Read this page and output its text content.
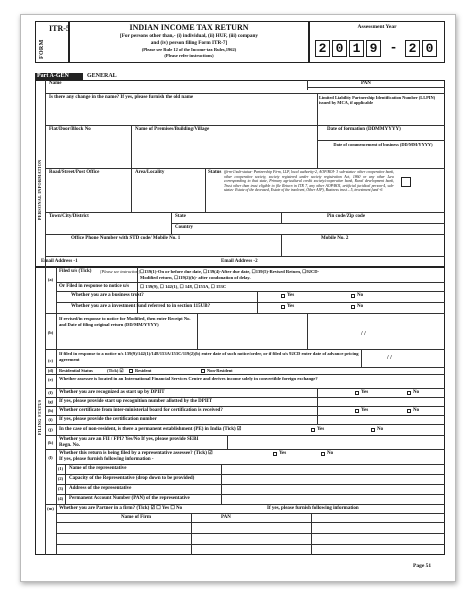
FORM
ITR-5	INDIAN INCOME TAX RETURN
[For persons other than,- (i) individual, (ii) HUF, (iii) company
and (iv) person filing Form ITR-7]
(Please see Rule 12 of the Income-tax Rules,1962)
(Please refer instructions)
Assessment Year
2 0 1 9 - 2 0
Part A-GEN	GENERAL
PERSONAL INFORMATION
Name	PAN
Is there any change in the name? If yes, please furnish the old name	Limited Liability Partnership Identification Number (LLPIN) issued by MCA, if applicable
Flat/Door/Block No	Name of Premises/Building/Village	Date of formation (DDMMYYYY)
Date of commencement of business (DD/MM/YYYY)
Road/Street/Post Office	Area/Locality	Status (firm-1/sub-status- Partnership Firm, LLP, local authority-2, AOP/BOI- 3 sub-status- other cooperative bank, other cooperative society, society registered under society registration Act, 1860 or any other Law corresponding to that state, Primary agricultural credit society/cooperative bank, Rural development bank, Trust other than trust eligible to file Return in ITR 7, any other AOP/BOI, artificial juridical person-4, sub-status- Estate of the deceased, Estate of the insolvent, Other AJP), Business trust – 5, investment fund -6
Town/City/District	State	Pin code/Zip code
Country
Office Phone Number with STD code/ Mobile No. 1	Mobile No. 2
Email Address -1	Email Address -2
FILING STATUS
(a)
Filed u/s (Tick) [Please see instruction] ☐139(1)-On or before due date, ☐139(4)-After due date, ☐139(5)-Revised Return, ☐92CD-
Modified return, ☐119(2)(b)- after condonation of delay.
Or Filed in response to notice u/s ☐ 139(9), ☐ 142(1), ☐ 148, ☐153A, ☐ 153C
Whether you are a business trust?	Yes	No
Whether you are a investment fund referred to in section 115UB?	Yes	No
(b)
If revised/in response to notice for Modified, then enter Receipt No. and Date of filing original return (DD/MM/YYYY)
/ /
(c)
If filed in response to a notice u/s 139(9)/142(1)/148/153A/153C/119(2)(b) enter date of such notice/order, or if filed u/s 92CD enter date of advance pricing agreement	/ /
(d)	Residential Status	(Tick) ☑	Resident	Non-Resident
(e)	Whether assessee is located in an International Financial Services Centre and derives income solely in convertible foreign exchange?
(f)	Whether you are recognized as start up by DPIIT	Yes	No
(g)	If yes, please provide start up recognition number allotted by the DPIIT
(h)	Whether certificate from inter-ministerial board for certification is received?	Yes	No
(i)	If yes, please provide the certification number
(j)	In the case of non-resident, is there a permanent establishment (PE) in India (Tick) ☑	Yes	No
(k)
Whether you are an FII / FPI? Yes/No If yes, please provide SEBI
Regn. No.
(l)
Whether this return is being filed by a representative assessee? (Tick) ☑	Yes	No
If yes, please furnish following information -
(1)	Name of the representative
(2)	Capacity of the Representative (drop down to be provided)
(3)	Address of the representative
(4)	Permanent Account Number (PAN) of the representative
(m) Whether you are Partner in a firm? (Tick) ☑ ☐ Yes ☐ No	If yes, please furnish following information
Name of Firm	PAN
Page 51
